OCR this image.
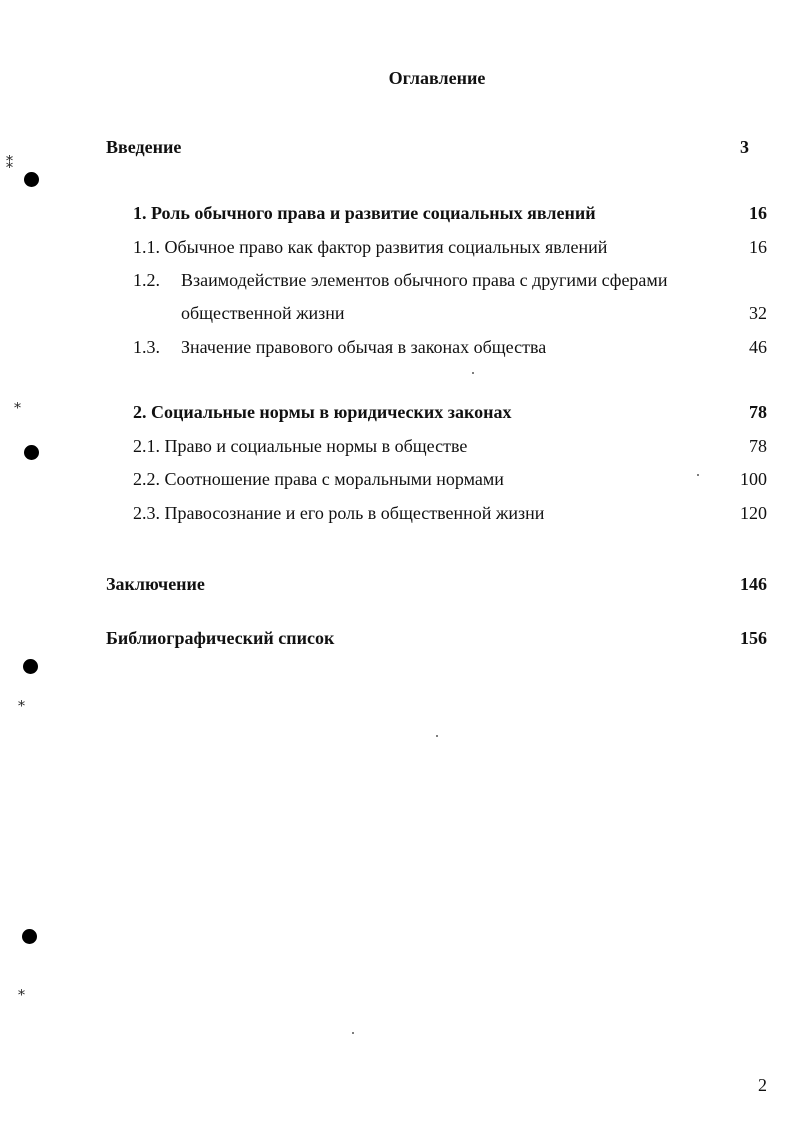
⁑
⁎
⁎
⁎
Оглавление
Введение	3
1. Роль обычного права и развитие социальных явлений	16
1.1. Обычное право как фактор развития социальных явлений	16
1.2. Взаимодействие элементов обычного права с другими сферами
общественной жизни	32
1.3. Значение правового обычая в законах общества	46
2. Социальные нормы в юридических законах	78
2.1. Право и социальные нормы в обществе	78
2.2. Соотношение права с моральными нормами	100
2.3. Правосознание и его роль в общественной жизни	120
Заключение	146
Библиографический список	156
2
